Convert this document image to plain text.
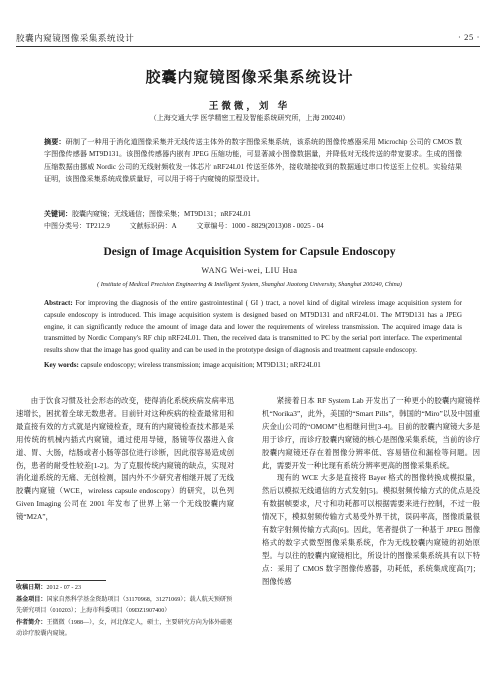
胶囊内窥镜图像采集系统设计	· 25 ·
胶囊内窥镜图像采集系统设计
王微微，刘 华
（上海交通大学 医学精密工程及智能系统研究所，上海 200240）
摘要：研制了一种用于消化道图像采集并无线传送主体外的数字图像采集系统，该系统的图像传感器采用 Microchip 公司的 CMOS 数字图像传感器 MT9D131。该图像传感器内嵌有 JPEG 压缩功能，可显著减小图像数据量，并降低对无线传送的带宽要求。生成的图像压缩数据由挪威 Nordic 公司的无线射频收发一体芯片 nRF24L01 传送至体外，接收端接收到的数据通过串口传送至上位机。实验结果证明，该图像采集系统成像质量好，可以用于将于内窥镜的原型设计。
关键词：胶囊内窥镜；无线通信；图像采集；MT9D131；nRF24L01
中图分类号：TP212.9	文献标识码：A	文章编号：1000 - 8829(2013)08 - 0025 - 04
Design of Image Acquisition System for Capsule Endoscopy
WANG Wei-wei, LIU Hua
( Institute of Medical Precision Engineering & Intelligent System, Shanghai Jiaotong University, Shanghai 200240, China)
Abstract: For improving the diagnosis of the entire gastrointestinal ( GI ) tract, a novel kind of digital wireless image acquisition system for capsule endoscopy is introduced. This image acquisition system is designed based on MT9D131 and nRF24L01. The MT9D131 has a JPEG engine, it can significantly reduce the amount of image data and lower the requirements of wireless transmission. The acquired image data is transmitted by Nordic Company's RF chip nRF24L01. Then, the received data is transmitted to PC by the serial port interface. The experimental results show that the image has good quality and can be used in the prototype design of diagnosis and treatment capsule endoscopy.
Key words: capsule endoscopy; wireless transmission; image acquisition; MT9D131; nRF24L01

由于饮食习惯及社会形态的改变，使得消化系统疾病发病率迅速增长，困扰着全球无数患者。目前针对这种疾病的检查最常用和最直接有效的方式就是内窥镜检查，现有的内窥镜检查技术都是采用传统的机械内插式内窥镜，通过使用导镜，肠镜等仪器进入食道、胃、大肠，结肠或者小肠等部位进行诊断，因此很容易造成创伤，患者的耐受性较差[1-2]。为了克服传统内窥镜的缺点，实现对消化道系统的无痛、无创检测，国内外不少研究者相继开展了无线胶囊内窥镜（WCE，wireless capsule endoscopy）的研究，以色列 Given Imaging 公司在 2001 年发布了世界上第一个无线胶囊内窥镜“M2A”，

紧接着日本 RF System Lab 开发出了一种更小的胶囊内窥镜样机“Norika3”，此外，美国的“Smart Pills”，韩国的“Miro”以及中国重庆金山公司的“OMOM”也相继问世[3-4]。目前的胶囊内窥镜大多是用于诊疗，而诊疗胶囊内窥镜的核心是图像采集系统，当前的诊疗胶囊内窥镜还存在着图像分辨率低、容易错位和漏检等问题。因此，需要开发一种比现有系统分辨率更高的图像采集系统。

现有的 WCE 大多是直接将 Bayer 格式的图像转换成模拟量，然后以模拟无线通信的方式发射[5]。模拟射频传输方式的优点是没有数据帧要求，尺寸和功耗都可以根据需要来进行控制，不过一般情况下，模拟射频传输方式易受外界干扰，误码率高，图像质量很有数字射频传输方式高[6]。因此，笔者提供了一种基于 JPEG 图像格式的数字式微型图像采集系统，作为无线胶囊内窥镜的初始原型。与以往的胶囊内窥镜相比，所设计的图像采集系统具有以下特点：采用了 CMOS 数字图像传感器，功耗低，系统集成度高[7]；图像传感

收稿日期：2012 - 07 - 23
基金项目：国家自然科学基金资助项目（31170968，31271069）；载人航天预研预先研究项目（010203）；上海市科委项目（09DZ1907400）
作者简介：王微微（1988—），女，河北保定人，硕士，主要研究方向为体外磁驱动诊疗胶囊内窥镜。
